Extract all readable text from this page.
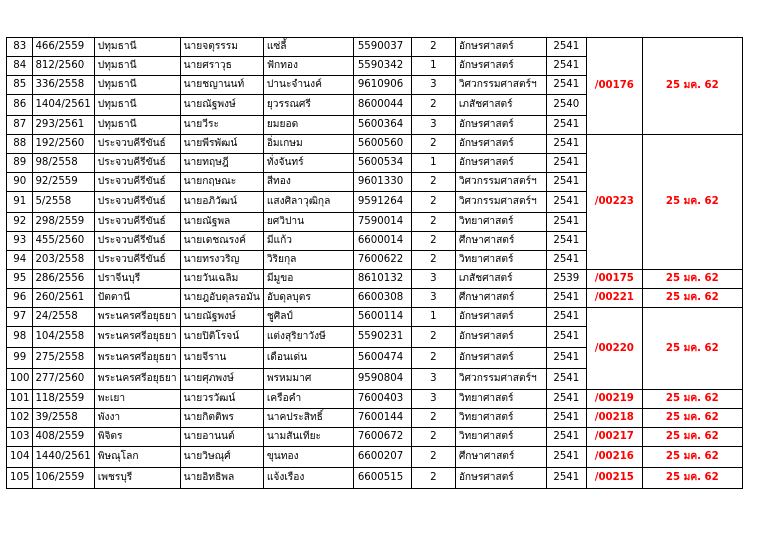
83	466/2559	ปทุมธานี	นายจตุรรรม	แซ่ลี้	5590037	2	อักษรศาสตร์	2541	/00176	25 มค. 62
84	812/2560	ปทุมธานี	นายศราวุธ	ฟักทอง	5590342	1	อักษรศาสตร์	2541		
85	336/2558	ปทุมธานี	นายชญานนท์	ปานะจำนงค์	9610906	3	วิศวกรรมศาสตร์ฯ	2541		
86	1404/2561	ปทุมธานี	นายณัฐพงษ์	ยุวรรณศรี	8600044	2	เภสัชศาสตร์	2540		
87	293/2561	ปทุมธานี	นายวีระ	ยมยอด	5600364	3	อักษรศาสตร์	2541		
88	192/2560	ประจวบคีรีขันธ์	นายพีรพัฒน์	อิ่มเกษม	5600560	2	อักษรศาสตร์	2541	/00223	25 มค. 62
89	98/2558	ประจวบคีรีขันธ์	นายทฤษฎี	ทั่งจันทร์	5600534	1	อักษรศาสตร์	2541		
90	92/2559	ประจวบคีรีขันธ์	นายกฤษณะ	สีทอง	9601330	2	วิศวกรรมศาสตร์ฯ	2541		
91	5/2558	ประจวบคีรีขันธ์	นายอภิวัฒน์	แสงศิลาวุฒิกุล	9591264	2	วิศวกรรมศาสตร์ฯ	2541		
92	298/2559	ประจวบคีรีขันธ์	นายณัฐพล	ยศวิปาน	7590014	2	วิทยาศาสตร์	2541		
93	455/2560	ประจวบคีรีขันธ์	นายเดชณรงค์	มีแก้ว	6600014	2	ศึกษาศาสตร์	2541		
94	203/2558	ประจวบคีรีขันธ์	นายทรงวริญ	วิริยกุล	7600622	2	วิทยาศาสตร์	2541		
95	286/2556	ปราจีนบุรี	นายวันเฉลิม	มีมูขอ	8610132	3	เภสัชศาสตร์	2539	/00175	25 มค. 62
96	260/2561	ปัตตานี	นายฎอับดุลรอมัน	อับดุลบุตร	6600308	3	ศึกษาศาสตร์	2541	/00221	25 มค. 62
97	24/2558	พระนครศรีอยุธยา	นายณัฐพงษ์	ชูศิลป์	5600114	1	อักษรศาสตร์	2541	/00220	25 มค. 62
98	104/2558	พระนครศรีอยุธยา	นายปิติโรจน์	แต่งสุริยาวังษี	5590231	2	อักษรศาสตร์	2541		
99	275/2558	พระนครศรีอยุธยา	นายจีราน	เดือนเด่น	5600474	2	อักษรศาสตร์	2541		
100	277/2560	พระนครศรีอยุธยา	นายศุภพงษ์	พรหมมาศ	9590804	3	วิศวกรรมศาสตร์ฯ	2541		
101	118/2559	พะเยา	นายวรวัฒน์	เครือคำ	7600403	3	วิทยาศาสตร์	2541	/00219	25 มค. 62
102	39/2558	พังงา	นายกิตติพร	นาคประสิทธิ์	7600144	2	วิทยาศาสตร์	2541	/00218	25 มค. 62
103	408/2559	พิจิตร	นายอานนต์	นามสันเทียะ	7600672	2	วิทยาศาสตร์	2541	/00217	25 มค. 62
104	1440/2561	พิษณุโลก	นายวิษณุศ์	ขุนทอง	6600207	2	ศึกษาศาสตร์	2541	/00216	25 มค. 62
105	106/2559	เพชรบุรี	นายอิทธิพล	แจ้งเรือง	6600515	2	อักษรศาสตร์	2541	/00215	25 มค. 62
